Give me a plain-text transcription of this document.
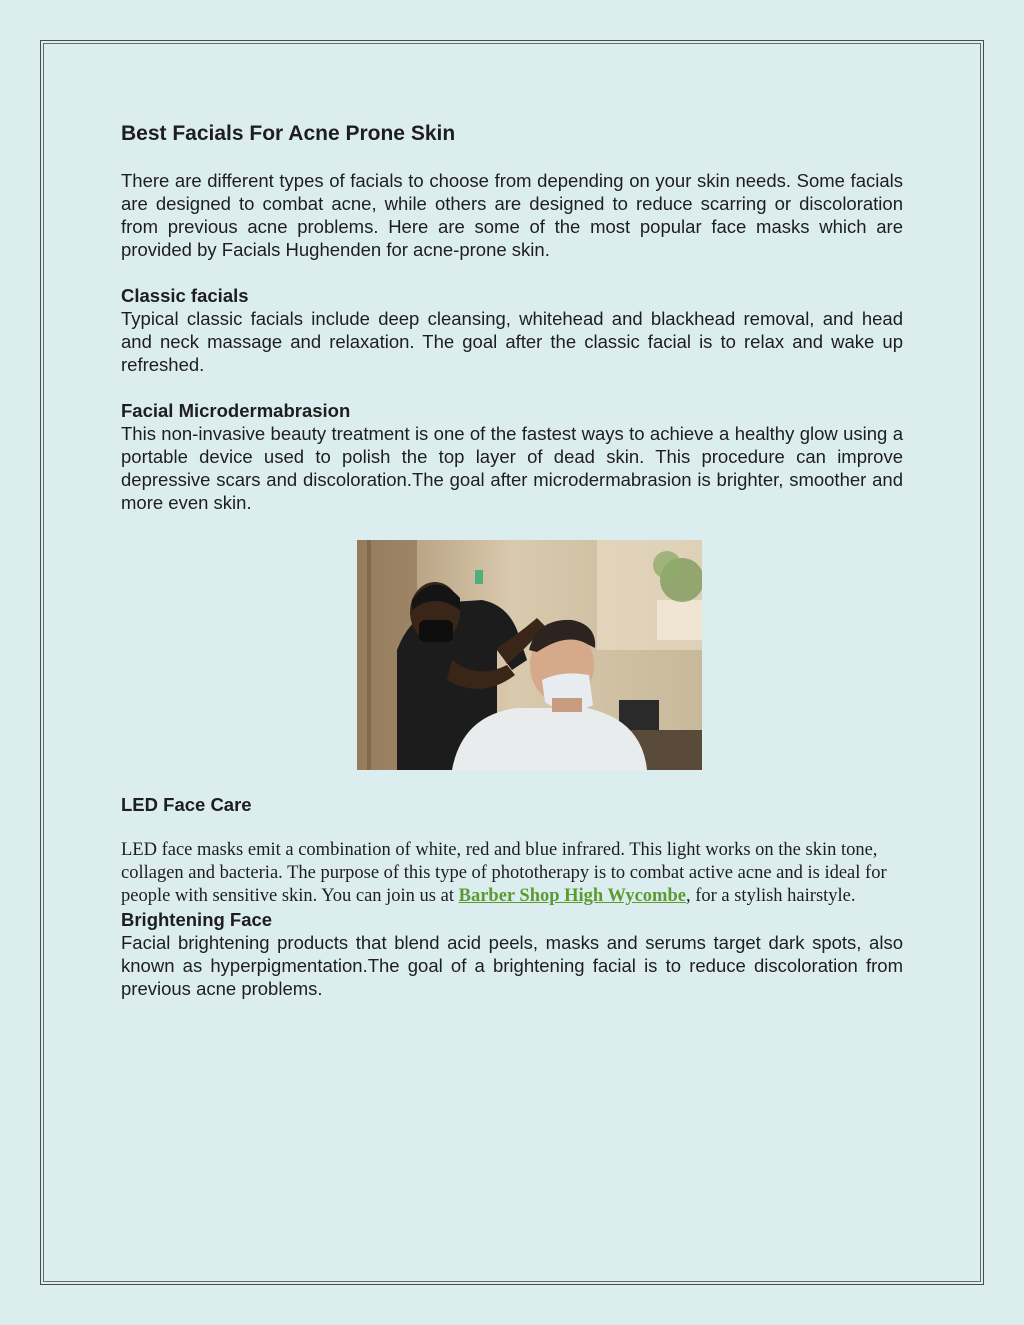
Best Facials For Acne Prone Skin

There are different types of facials to choose from depending on your skin needs. Some facials are designed to combat acne, while others are designed to reduce scarring or discoloration from previous acne problems. Here are some of the most popular face masks which are provided by Facials Hughenden for acne-prone skin.

Classic facials

Typical classic facials include deep cleansing, whitehead and blackhead removal, and head and neck massage and relaxation. The goal after the classic facial is to relax and wake up refreshed.

Facial Microdermabrasion

This non-invasive beauty treatment is one of the fastest ways to achieve a healthy glow using a portable device used to polish the top layer of dead skin. This procedure can improve depressive scars and discoloration.The goal after microdermabrasion is brighter, smoother and more even skin.

LED Face Care

LED face masks emit a combination of white, red and blue infrared. This light works on the skin tone, collagen and bacteria. The purpose of this type of phototherapy is to combat active acne and is ideal for people with sensitive skin. You can join us at Barber Shop High Wycombe, for a stylish hairstyle.

Brightening Face

Facial brightening products that blend acid peels, masks and serums target dark spots, also known as hyperpigmentation.The goal of a brightening facial is to reduce discoloration from previous acne problems.
